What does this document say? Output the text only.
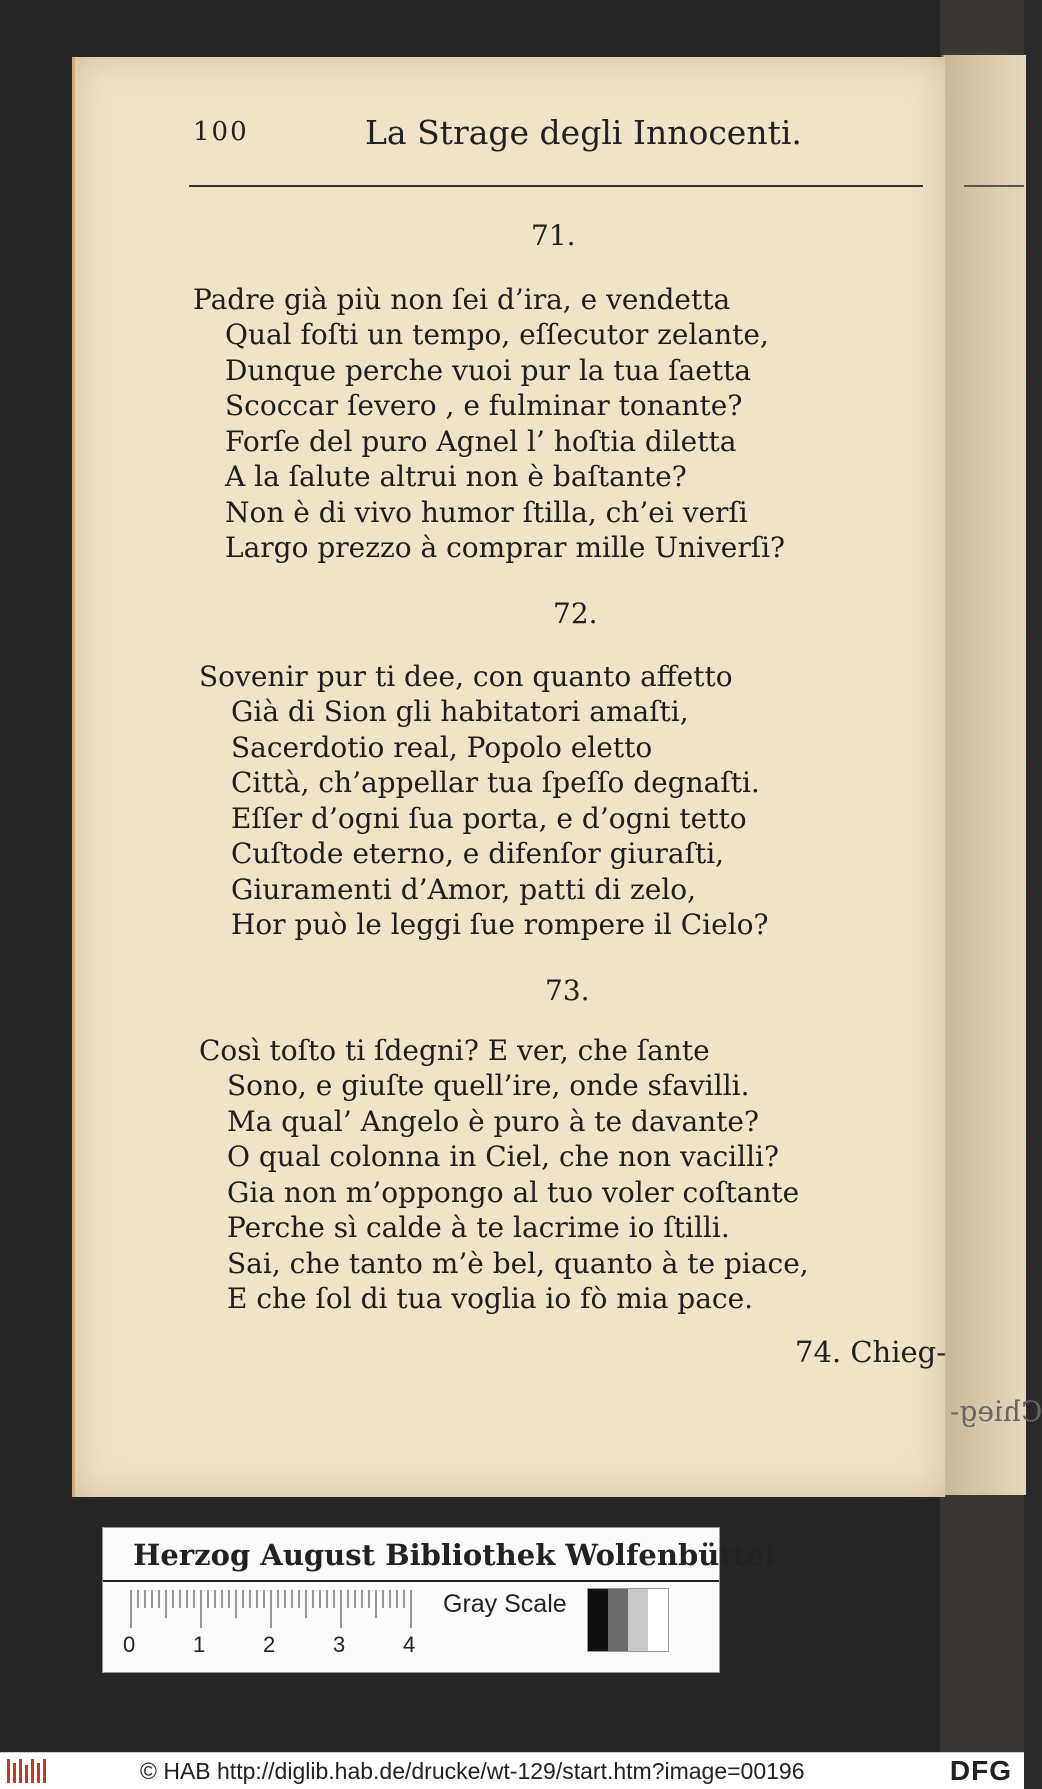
Chieg-
100	La Strage degli Innocenti.
71.
Padre già più non ſei d’ira, e vendetta
Qual foſti un tempo, eſſecutor zelante,
Dunque perche vuoi pur la tua ſaetta
Scoccar ſevero , e fulminar tonante?
Forſe del puro Agnel l’ hoſtia diletta
A la ſalute altrui non è baſtante?
Non è di vivo humor ſtilla, ch’ei verſi
Largo prezzo à comprar mille Univerſi?
72.
Sovenir pur ti dee, con quanto affetto
Già di Sion gli habitatori amaſti,
Sacerdotio real, Popolo eletto
Città, ch’appellar tua ſpeſſo degnaſti.
Eſſer d’ogni ſua porta, e d’ogni tetto
Cuſtode eterno, e difenſor giuraſti,
Giuramenti d’Amor, patti di zelo,
Hor può le leggi ſue rompere il Cielo?
73.
Così toſto ti ſdegni? E ver, che ſante
Sono, e giuſte quell’ire, onde sfavilli.
Ma qual’ Angelo è puro à te davante?
O qual colonna in Ciel, che non vacilli?
Gia non m’oppongo al tuo voler coſtante
Perche sì calde à te lacrime io ſtilli.
Sai, che tanto m’è bel, quanto à te piace,
E che ſol di tua voglia io fò mia pace.
74. Chieg-
Herzog August Bibliothek Wolfenbüttel
0	1	2	3	4
Gray Scale
© HAB http://diglib.hab.de/drucke/wt-129/start.htm?image=00196	DFG
